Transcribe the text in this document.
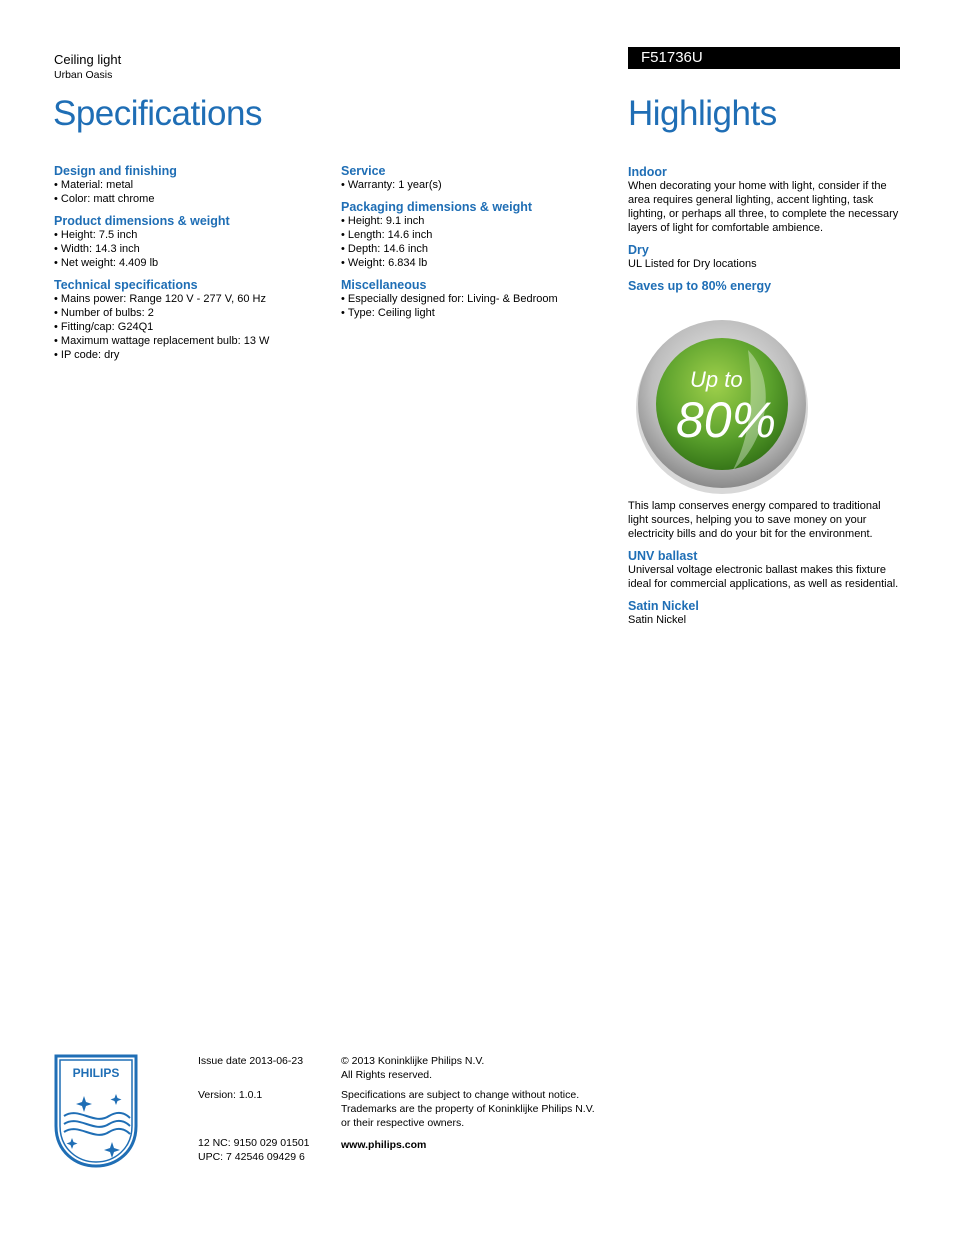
Ceiling light
Urban Oasis
F51736U
Specifications	Highlights
Design and finishing
• Material: metal
• Color: matt chrome
Product dimensions & weight
• Height: 7.5 inch
• Width: 14.3 inch
• Net weight: 4.409 lb
Technical specifications
• Mains power: Range 120 V - 277 V, 60 Hz
• Number of bulbs: 2
• Fitting/cap: G24Q1
• Maximum wattage replacement bulb: 13 W
• IP code: dry
Service
• Warranty: 1 year(s)
Packaging dimensions & weight
• Height: 9.1 inch
• Length: 14.6 inch
• Depth: 14.6 inch
• Weight: 6.834 lb
Miscellaneous
• Especially designed for: Living- & Bedroom
• Type: Ceiling light
Indoor
When decorating your home with light, consider if the area requires general lighting, accent lighting, task lighting, or perhaps all three, to complete the necessary layers of light for comfortable ambience.
Dry
UL Listed for Dry locations
Saves up to 80% energy
This lamp conserves energy compared to traditional light sources, helping you to save money on your electricity bills and do your bit for the environment.
UNV ballast
Universal voltage electronic ballast makes this fixture ideal for commercial applications, as well as residential.
Satin Nickel
Satin Nickel
Up to
80%
PHILIPS
Issue date 2013-06-23
Version: 1.0.1
12 NC: 9150 029 01501
UPC: 7 42546 09429 6
© 2013 Koninklijke Philips N.V.
All Rights reserved.
Specifications are subject to change without notice. Trademarks are the property of Koninklijke Philips N.V. or their respective owners.
www.philips.com
